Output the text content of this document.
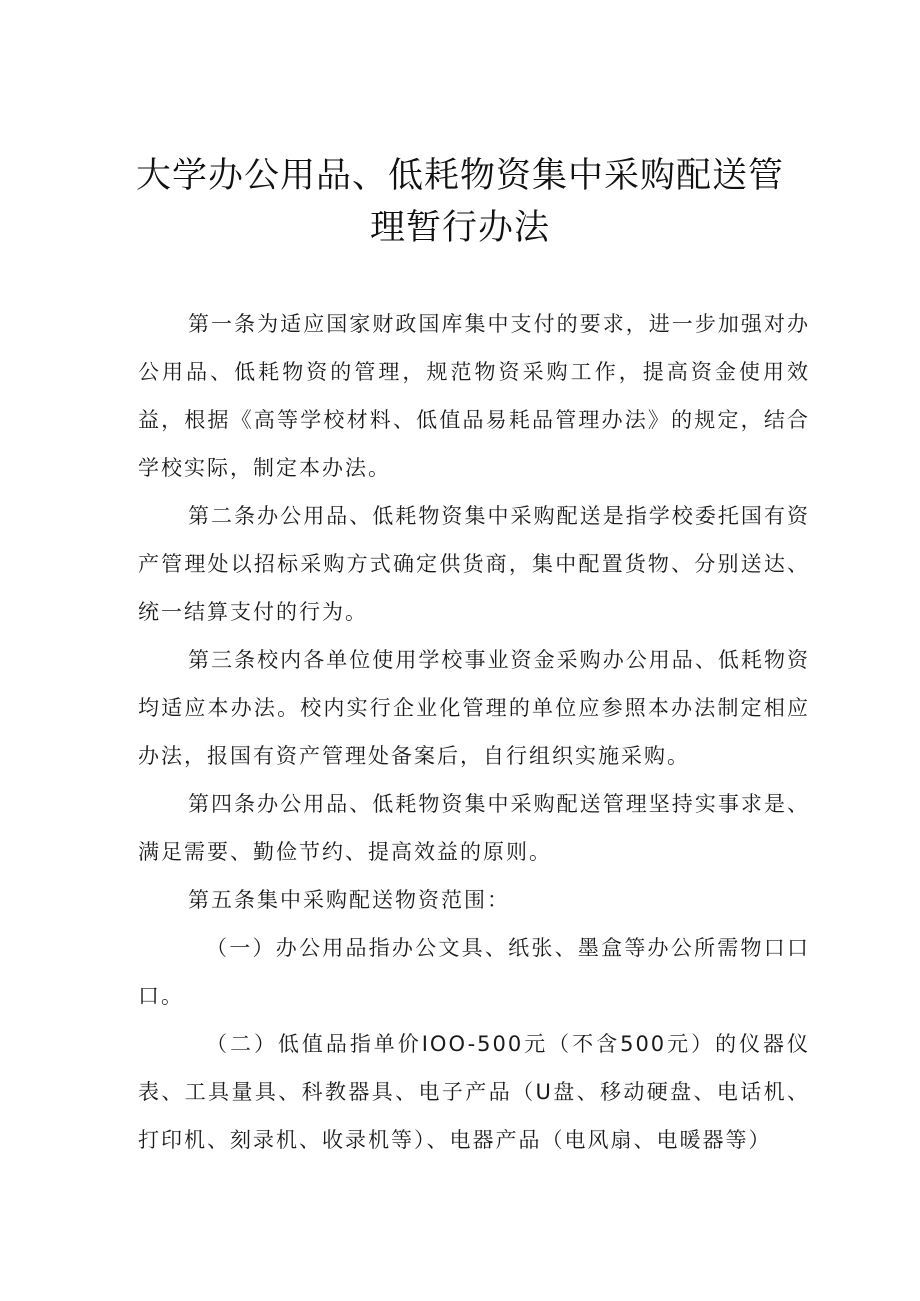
大学办公用品、低耗物资集中采购配送管
理暂行办法

第一条为适应国家财政国库集中支付的要求，进一步加强对办公用品、低耗物资的管理，规范物资采购工作，提高资金使用效益，根据《高等学校材料、低值品易耗品管理办法》的规定，结合学校实际，制定本办法。

第二条办公用品、低耗物资集中采购配送是指学校委托国有资产管理处以招标采购方式确定供货商，集中配置货物、分别送达、统一结算支付的行为。

第三条校内各单位使用学校事业资金采购办公用品、低耗物资均适应本办法。校内实行企业化管理的单位应参照本办法制定相应办法，报国有资产管理处备案后，自行组织实施采购。

第四条办公用品、低耗物资集中采购配送管理坚持实事求是、满足需要、勤俭节约、提高效益的原则。

第五条集中采购配送物资范围：

（一）办公用品指办公文具、纸张、墨盒等办公所需物口口口。

（二）低值品指单价IOO-500元（不含500元）的仪器仪表、工具量具、科教器具、电子产品（U盘、移动硬盘、电话机、打印机、刻录机、收录机等）、电器产品（电风扇、电暖器等）
